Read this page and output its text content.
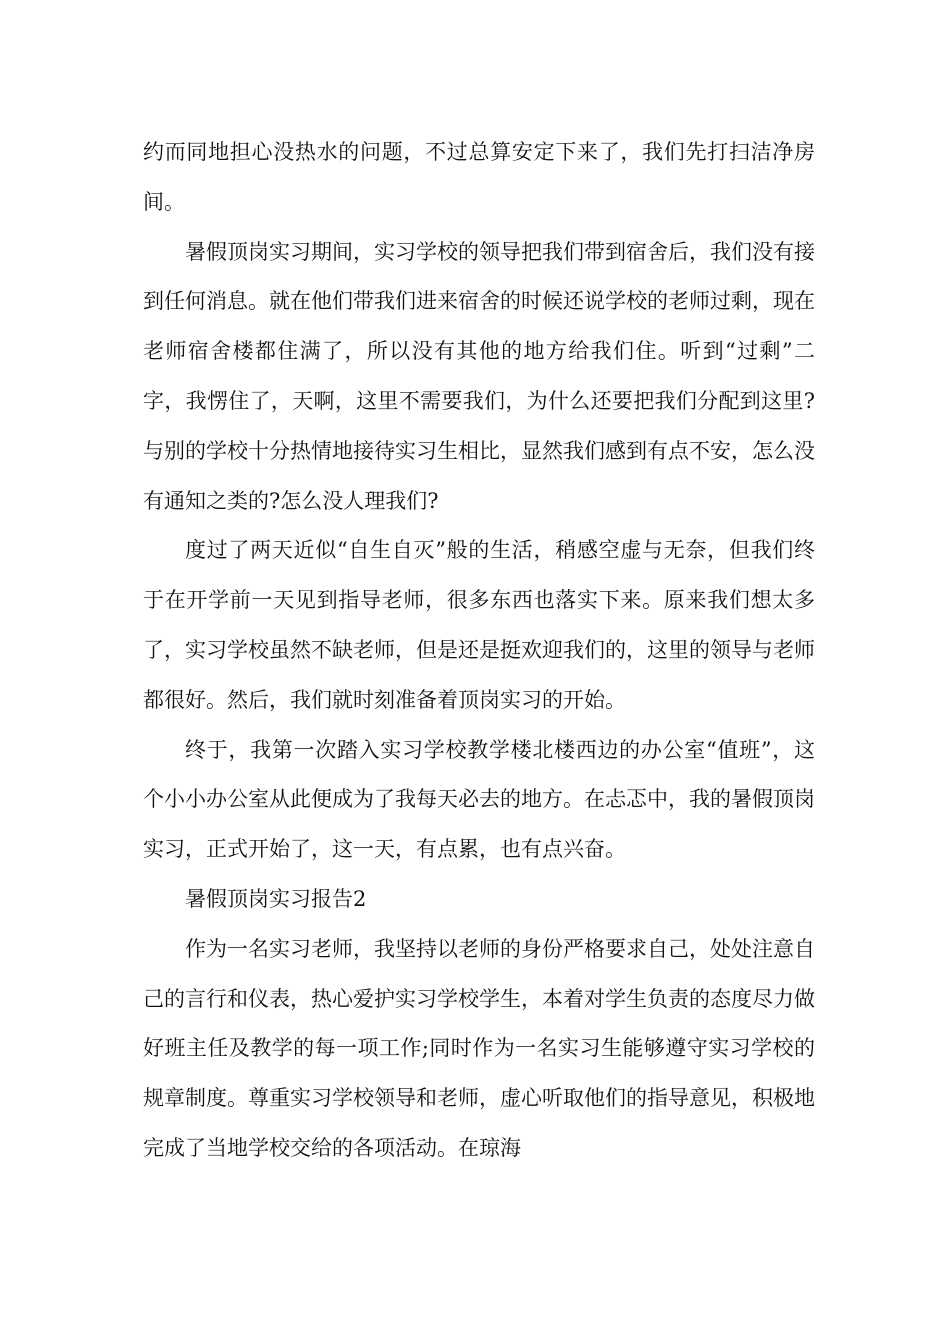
约而同地担心没热水的问题，不过总算安定下来了，我们先打扫洁净房间。

暑假顶岗实习期间，实习学校的领导把我们带到宿舍后，我们没有接到任何消息。就在他们带我们进来宿舍的时候还说学校的老师过剩，现在老师宿舍楼都住满了，所以没有其他的地方给我们住。听到“过剩”二字，我愣住了，天啊，这里不需要我们，为什么还要把我们分配到这里?与别的学校十分热情地接待实习生相比，显然我们感到有点不安，怎么没有通知之类的?怎么没人理我们?

度过了两天近似“自生自灭”般的生活，稍感空虚与无奈，但我们终于在开学前一天见到指导老师，很多东西也落实下来。原来我们想太多了，实习学校虽然不缺老师，但是还是挺欢迎我们的，这里的领导与老师都很好。然后，我们就时刻准备着顶岗实习的开始。

终于，我第一次踏入实习学校教学楼北楼西边的办公室“值班”，这个小小办公室从此便成为了我每天必去的地方。在忐忑中，我的暑假顶岗实习，正式开始了，这一天，有点累，也有点兴奋。

暑假顶岗实习报告2

作为一名实习老师，我坚持以老师的身份严格要求自己，处处注意自己的言行和仪表，热心爱护实习学校学生，本着对学生负责的态度尽力做好班主任及教学的每一项工作;同时作为一名实习生能够遵守实习学校的规章制度。尊重实习学校领导和老师，虚心听取他们的指导意见，积极地完成了当地学校交给的各项活动。在琼海
